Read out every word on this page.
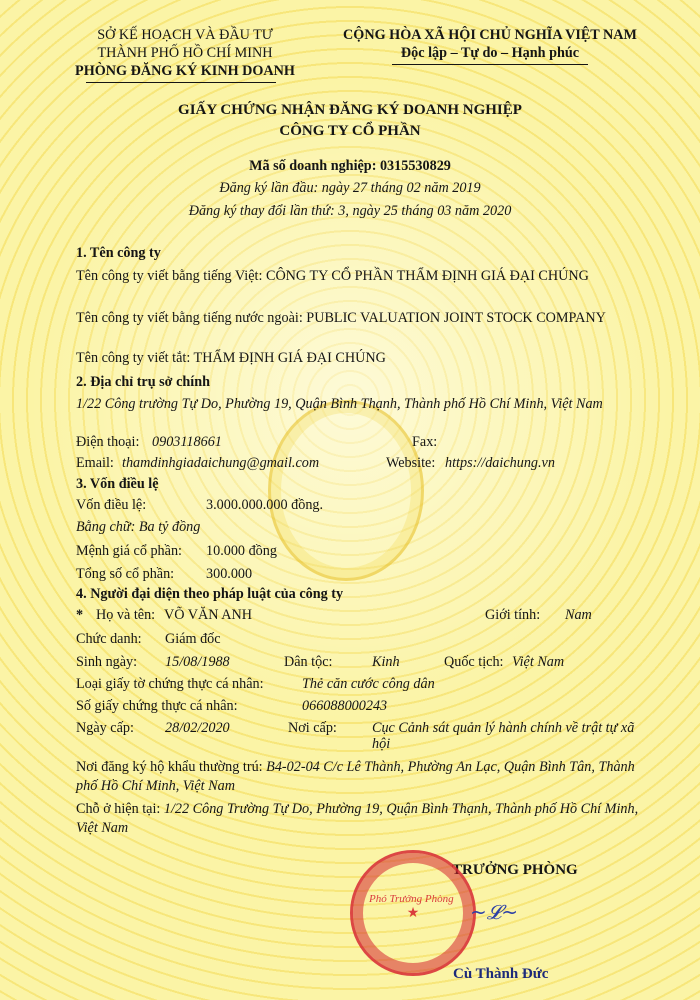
SỞ KẾ HOẠCH VÀ ĐẦU TƯ
THÀNH PHỐ HỒ CHÍ MINH
PHÒNG ĐĂNG KÝ KINH DOANH
CỘNG HÒA XÃ HỘI CHỦ NGHĨA VIỆT NAM
Độc lập – Tự do – Hạnh phúc
GIẤY CHỨNG NHẬN ĐĂNG KÝ DOANH NGHIỆP
CÔNG TY CỔ PHẦN
Mã số doanh nghiệp: 0315530829
Đăng ký lần đầu: ngày 27 tháng 02 năm 2019
Đăng ký thay đổi lần thứ: 3, ngày 25 tháng 03 năm 2020
1. Tên công ty
Tên công ty viết bằng tiếng Việt: CÔNG TY CỔ PHẦN THẨM ĐỊNH GIÁ ĐẠI CHÚNG
Tên công ty viết bằng tiếng nước ngoài: PUBLIC VALUATION JOINT STOCK COMPANY
Tên công ty viết tắt: THẨM ĐỊNH GIÁ ĐẠI CHÚNG
2. Địa chỉ trụ sở chính
1/22 Công trường Tự Do, Phường 19, Quận Bình Thạnh, Thành phố Hồ Chí Minh, Việt Nam
Điện thoại: 0903118661	Fax:
Email: thamdinhgiadaichung@gmail.com	Website: https://daichung.vn
3. Vốn điều lệ
Vốn điều lệ:	3.000.000.000 đồng.
Bằng chữ: Ba tỷ đồng
Mệnh giá cổ phần: 10.000 đồng
Tổng số cổ phần: 300.000
4. Người đại diện theo pháp luật của công ty
* Họ và tên: VÕ VĂN ANH	Giới tính: Nam
Chức danh: Giám đốc
Sinh ngày: 15/08/1988	Dân tộc:	Kinh	Quốc tịch: Việt Nam
Loại giấy tờ chứng thực cá nhân:	Thẻ căn cước công dân
Số giấy chứng thực cá nhân:	066088000243
Ngày cấp: 28/02/2020	Nơi cấp: Cục Cảnh sát quản lý hành chính về trật tự xã hội
Nơi đăng ký hộ khẩu thường trú: B4-02-04 C/c Lê Thành, Phường An Lạc, Quận Bình Tân, Thành phố Hồ Chí Minh, Việt Nam
Chỗ ở hiện tại: 1/22 Công Trường Tự Do, Phường 19, Quận Bình Thạnh, Thành phố Hồ Chí Minh, Việt Nam
TRƯỞNG PHÒNG
★
Phó Trưởng Phòng
~𝓛~
Cù Thành Đức
